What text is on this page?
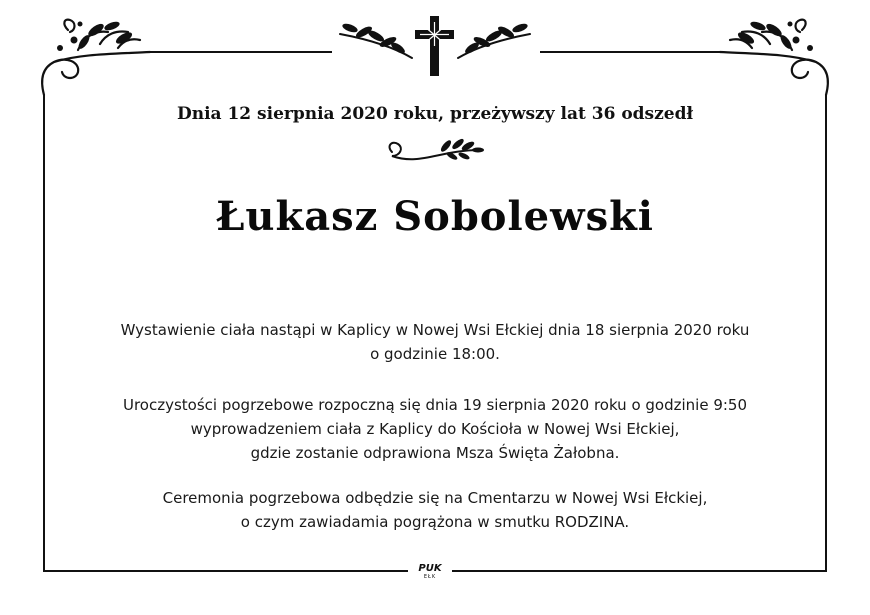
Dnia 12 sierpnia 2020 roku, przeżywszy lat 36 odszedł
Łukasz Sobolewski
Wystawienie ciała nastąpi w Kaplicy w Nowej Wsi Ełckiej dnia 18 sierpnia 2020 roku
o godzinie 18:00.
Uroczystości pogrzebowe rozpoczną się dnia 19 sierpnia 2020 roku o godzinie 9:50
wyprowadzeniem ciała z Kaplicy do Kościoła w Nowej Wsi Ełckiej,
gdzie zostanie odprawiona Msza Święta Żałobna.
Ceremonia pogrzebowa odbędzie się na Cmentarzu w Nowej Wsi Ełckiej,
o czym zawiadamia pogrążona w smutku RODZINA.
PUK
EŁK
